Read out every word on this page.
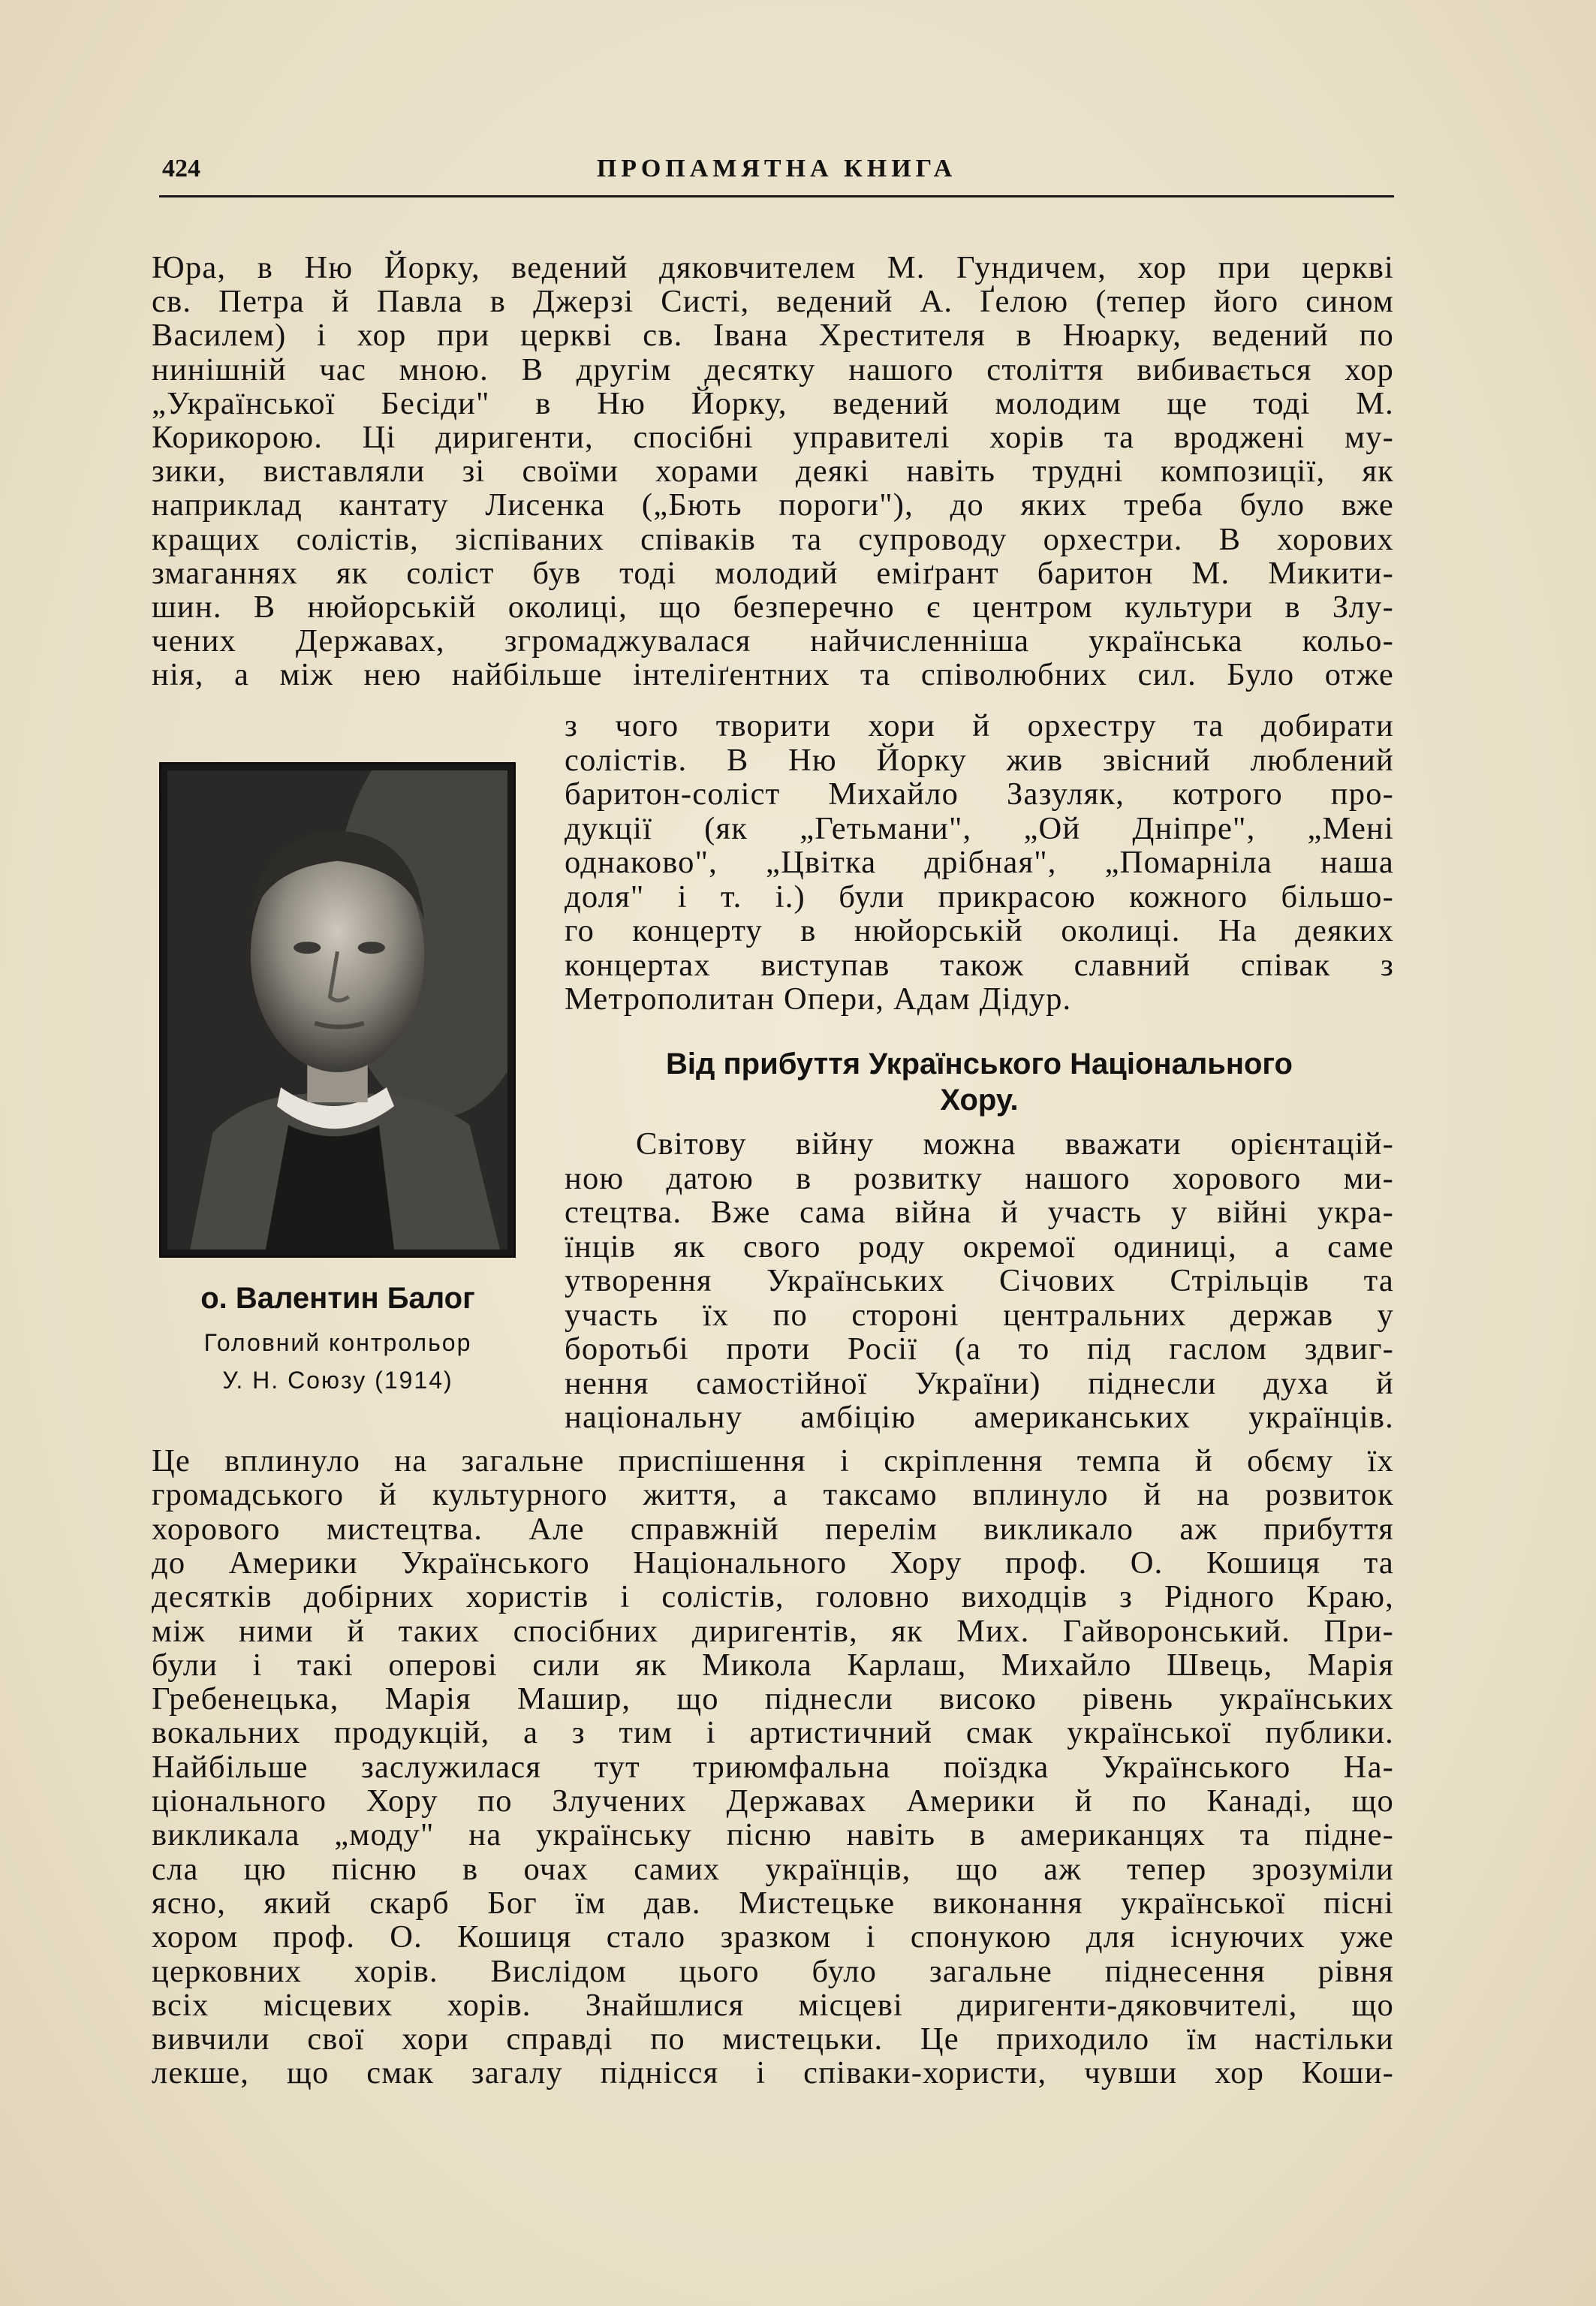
424	ПРОПАМЯТНА КНИГА
Юра, в Ню Йорку, ведений дяковчителем М. Гундичем, хор при церкві
св. Петра й Павла в Джерзі Сиcті, ведений А. Ґелою (тепер його сином
Василем) і хор при церкві св. Івана Хрестителя в Нюарку, ведений по
нинішній час мною. В другім десятку нашого століття вибивається хор
„Української Бесіди" в Ню Йорку, ведений молодим ще тоді М.
Корикорою. Ці диригенти, спосібні управителі хорів та вроджені му-
зики, виставляли зі своїми хорами деякі навіть трудні композиції, як
наприклад кантату Лисенка („Бють пороги"), до яких треба було вже
кращих солістів, зіспіваних співаків та супроводу орхестри. В хорових
змаганнях як соліст був тоді молодий еміґрант баритон М. Микити-
шин. В нюйорській околиці, що безперечно є центром культури в Злу-
чених Державах, згромаджувалася найчисленніша українська кольо-
нія, а між нею найбільше інтеліґентних та співолюбних сил. Було отже
з чого творити хори й орхестру та добирати
солістів. В Ню Йорку жив звісний люблений
баритон-соліст Михайло Зазуляк, котрого про-
дукції (як „Гетьмани", „Ой Дніпре", „Мені
однаково", „Цвітка дрібная", „Помарніла наша
доля" і т. і.) були прикрасою кожного більшо-
го концерту в нюйорській околиці. На деяких
концертах виступав також славний співак з
Метрополитан Опери, Адам Дідур.
Від прибуття Українського Національного
Хору.
Світову війну можна вважати орієнтацій-
ною датою в розвитку нашого хорового ми-
стецтва. Вже сама війна й участь у війні укра-
їнців як свого роду окремої одиниці, а саме
утворення Українських Січових Стрільців та
участь їх по стороні центральних держав у
боротьбі проти Росії (а то під гаслом здвиг-
нення самостійної України) піднесли духа й
національну амбіцію американських українців.
Це вплинуло на загальне приспішення і скріплення темпа й обєму їх
громадського й культурного життя, а таксамо вплинуло й на розвиток
хорового мистецтва. Але справжній перелім викликало аж прибуття
до Америки Українського Національного Хору проф. О. Кошиця та
десятків добірних хористів і солістів, головно виходців з Рідного Краю,
між ними й таких спосібних диригентів, як Мих. Гайворонський. При-
були і такі оперові сили як Микола Карлаш, Михайло Швець, Марія
Гребенецька, Марія Машир, що піднесли високо рівень українських
вокальних продукцій, а з тим і артистичний смак української публики.
Найбільше заслужилася тут триюмфальна поїздка Українського На-
ціонального Хору по Злучених Державах Америки й по Канаді, що
викликала „моду" на українську пісню навіть в американцях та підне-
сла цю пісню в очах самих українців, що аж тепер зрозуміли
ясно, який скарб Бог їм дав. Мистецьке виконання української пісні
хором проф. О. Кошиця стало зразком і спонукою для існуючих уже
церковних хорів. Вислідом цього було загальне піднесення рівня
всіх місцевих хорів. Знайшлися місцеві диригенти-дяковчителі, що
вивчили свої хори справді по мистецьки. Це приходило їм настільки
лекше, що смак загалу піднісся і співаки-хористи, чувши хор Коши-
о. Валентин Балог
Головний контрольор
У. Н. Союзу (1914)
